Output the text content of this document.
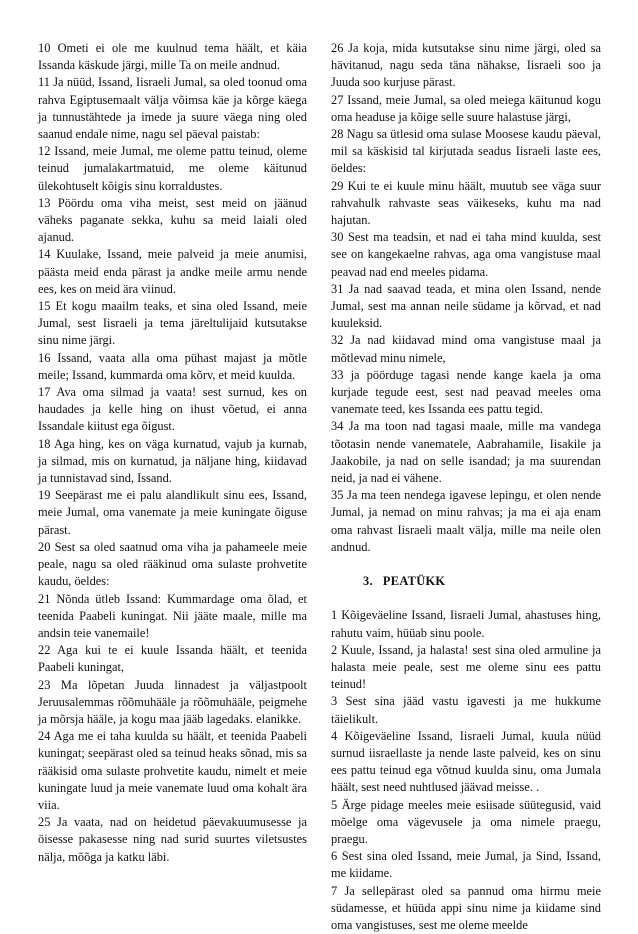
10 Ometi ei ole me kuulnud tema häält, et käia Issanda käskude järgi, mille Ta on meile andnud.

11 Ja nüüd, Issand, Iisraeli Jumal, sa oled toonud oma rahva Egiptusemaalt välja võimsa käe ja kõrge käega ja tunnustähtede ja imede ja suure väega ning oled saanud endale nime, nagu sel päeval paistab:

12 Issand, meie Jumal, me oleme pattu teinud, oleme teinud jumalakartmatuid, me oleme käitunud ülekohtuselt kõigis sinu korraldustes.

13 Pöördu oma viha meist, sest meid on jäänud väheks paganate sekka, kuhu sa meid laiali oled ajanud.

14 Kuulake, Issand, meie palveid ja meie anumisi, päästa meid enda pärast ja andke meile armu nende ees, kes on meid ära viinud.

15 Et kogu maailm teaks, et sina oled Issand, meie Jumal, sest Iisraeli ja tema järeltulijaid kutsutakse sinu nime järgi.

16 Issand, vaata alla oma pühast majast ja mõtle meile; Issand, kummarda oma kõrv, et meid kuulda.

17 Ava oma silmad ja vaata! sest surnud, kes on haudades ja kelle hing on ihust võetud, ei anna Issandale kiitust ega õigust.

18 Aga hing, kes on väga kurnatud, vajub ja kurnab, ja silmad, mis on kurnatud, ja näljane hing, kiidavad ja tunnistavad sind, Issand.

19 Seepärast me ei palu alandlikult sinu ees, Issand, meie Jumal, oma vanemate ja meie kuningate õiguse pärast.

20 Sest sa oled saatnud oma viha ja pahameele meie peale, nagu sa oled rääkinud oma sulaste prohvetite kaudu, öeldes:

21 Nõnda ütleb Issand: Kummardage oma õlad, et teenida Paabeli kuningat. Nii jääte maale, mille ma andsin teie vanemaile!

22 Aga kui te ei kuule Issanda häält, et teenida Paabeli kuningat,

23 Ma lõpetan Juuda linnadest ja väljastpoolt Jeruusalemmas rõõmuhääle ja rõõmuhääle, peigmehe ja mõrsja hääle, ja kogu maa jääb lagedaks. elanikke.

24 Aga me ei taha kuulda su häält, et teenida Paabeli kuningat; seepärast oled sa teinud heaks sõnad, mis sa rääkisid oma sulaste prohvetite kaudu, nimelt et meie kuningate luud ja meie vanemate luud oma kohalt ära viia.

25 Ja vaata, nad on heidetud päevakuumusesse ja öisesse pakasesse ning nad surid suurtes viletsustes nälja, mõõga ja katku läbi.

26 Ja koja, mida kutsutakse sinu nime järgi, oled sa hävitanud, nagu seda täna nähakse, Iisraeli soo ja Juuda soo kurjuse pärast.

27 Issand, meie Jumal, sa oled meiega käitunud kogu oma headuse ja kõige selle suure halastuse järgi,

28 Nagu sa ütlesid oma sulase Moosese kaudu päeval, mil sa käskisid tal kirjutada seadus Iisraeli laste ees, öeldes:

29 Kui te ei kuule minu häält, muutub see väga suur rahvahulk rahvaste seas väikeseks, kuhu ma nad hajutan.

30 Sest ma teadsin, et nad ei taha mind kuulda, sest see on kangekaelne rahvas, aga oma vangistuse maal peavad nad end meeles pidama.

31 Ja nad saavad teada, et mina olen Issand, nende Jumal, sest ma annan neile südame ja kõrvad, et nad kuuleksid.

32 Ja nad kiidavad mind oma vangistuse maal ja mõtlevad minu nimele,

33 ja pöörduge tagasi nende kange kaela ja oma kurjade tegude eest, sest nad peavad meeles oma vanemate teed, kes Issanda ees pattu tegid.

34 Ja ma toon nad tagasi maale, mille ma vandega tõotasin nende vanematele, Aabrahamile, Iisakile ja Jaakobile, ja nad on selle isandad; ja ma suurendan neid, ja nad ei vähene.

35 Ja ma teen nendega igavese lepingu, et olen nende Jumal, ja nemad on minu rahvas; ja ma ei aja enam oma rahvast Iisraeli maalt välja, mille ma neile olen andnud.

3. PEATÜKK

1 Kõigeväeline Issand, Iisraeli Jumal, ahastuses hing, rahutu vaim, hüüab sinu poole.

2 Kuule, Issand, ja halasta! sest sina oled armuline ja halasta meie peale, sest me oleme sinu ees pattu teinud!

3 Sest sina jääd vastu igavesti ja me hukkume täielikult.

4 Kõigeväeline Issand, Iisraeli Jumal, kuula nüüd surnud iisraellaste ja nende laste palveid, kes on sinu ees pattu teinud ega võtnud kuulda sinu, oma Jumala häält, sest need nuhtlused jäävad meisse. .

5 Ärge pidage meeles meie esiisade süütegusid, vaid mõelge oma vägevusele ja oma nimele praegu, praegu.

6 Sest sina oled Issand, meie Jumal, ja Sind, Issand, me kiidame.

7 Ja sellepärast oled sa pannud oma hirmu meie südamesse, et hüüda appi sinu nime ja kiidame sind oma vangistuses, sest me oleme meelde
